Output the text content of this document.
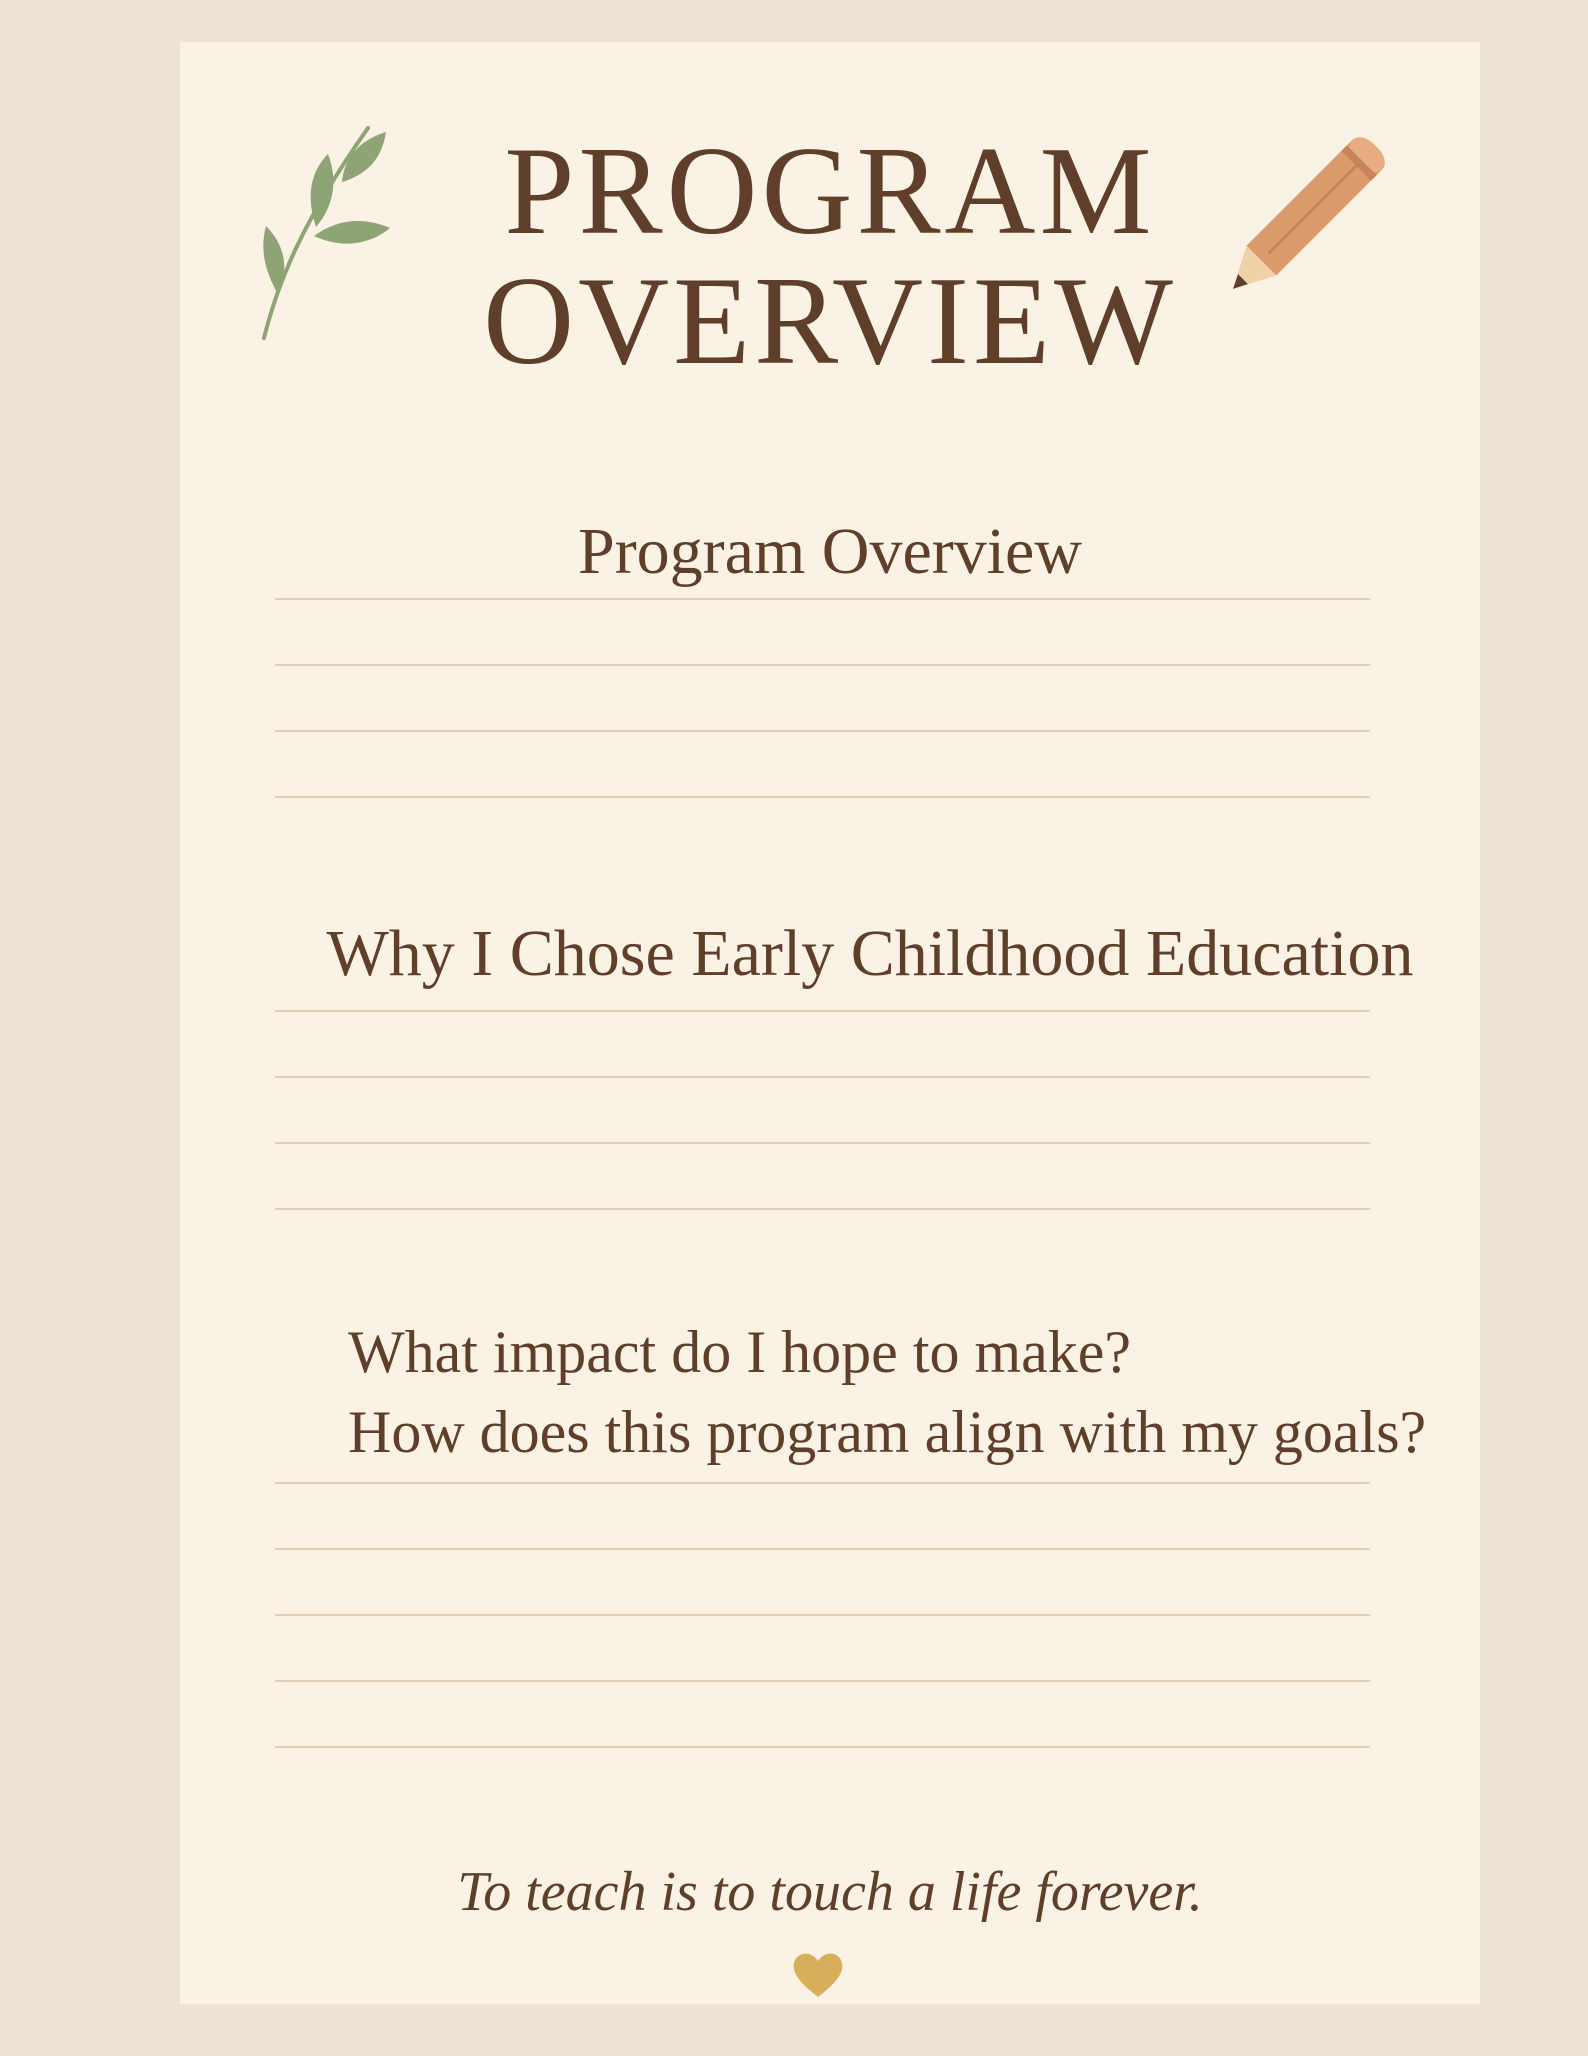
PROGRAM
OVERVIEW
Program Overview
Why I Chose Early Childhood Education
What impact do I hope to make?
How does this program align with my goals?
To teach is to touch a life forever.
